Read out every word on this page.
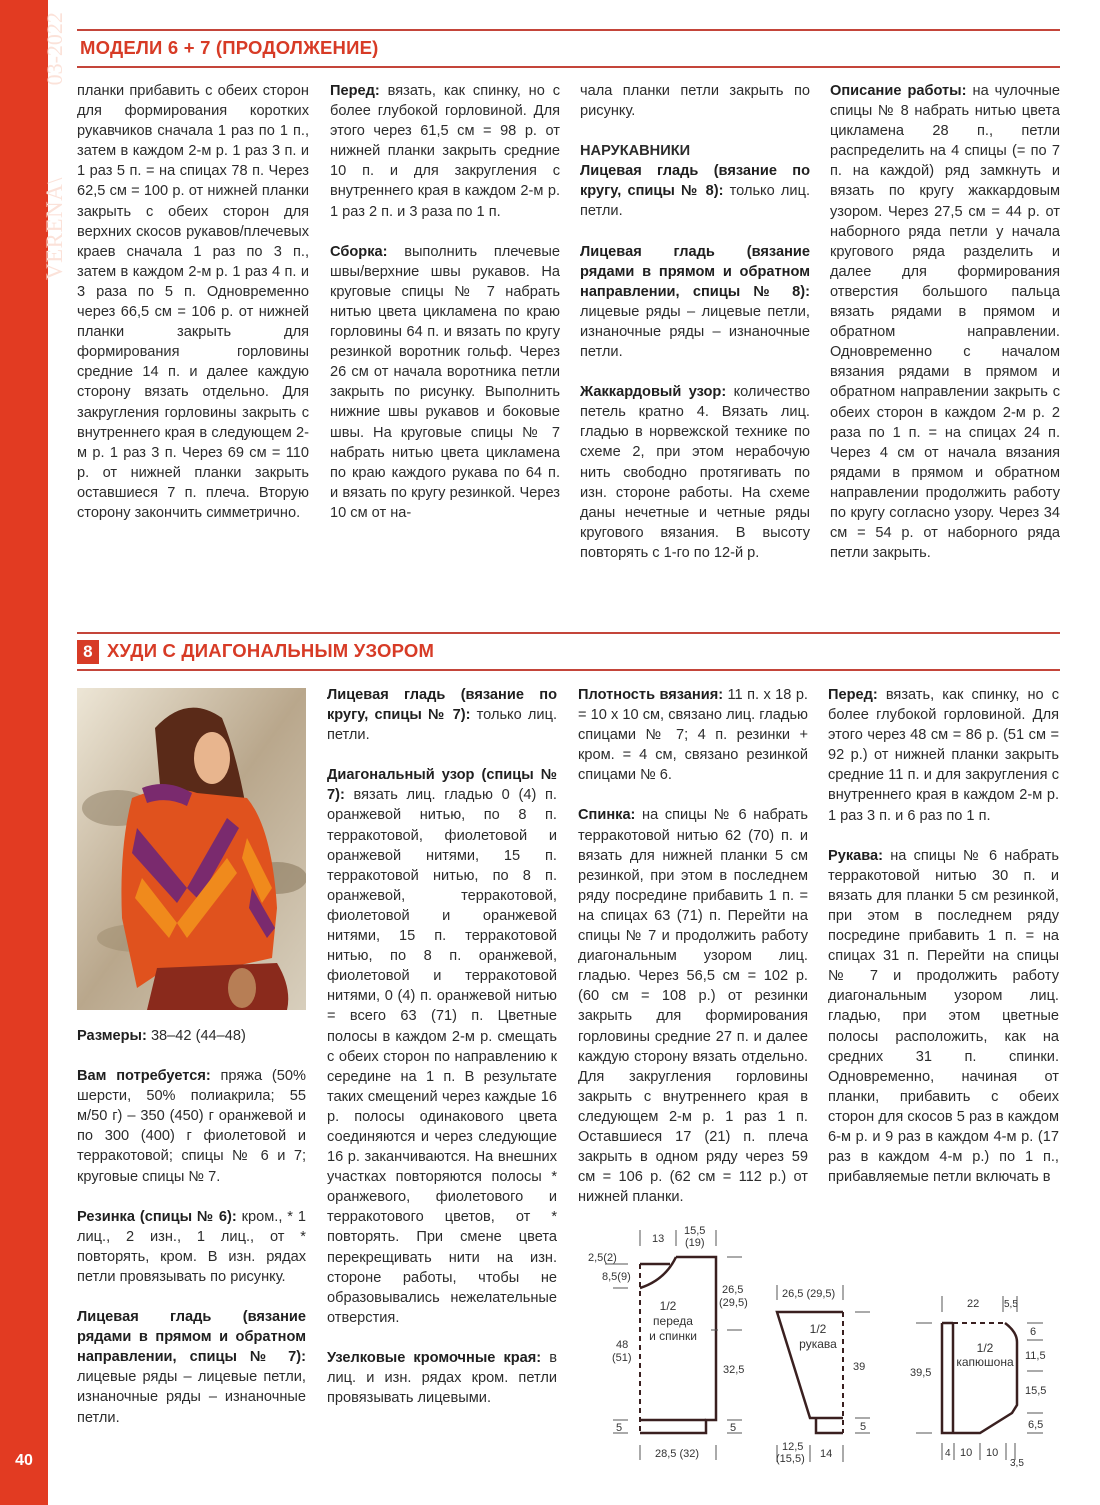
VERENA\SPECIAL 03-2022
40
МОДЕЛИ 6 + 7 (ПРОДОЛЖЕНИЕ)

планки прибавить с обеих сторон для формирования коротких рукавчиков сначала 1 раз по 1 п., затем в каждом 2-м р. 1 раз 3 п. и 1 раз 5 п. = на спицах 78 п. Через 62,5 см = 100 р. от нижней планки закрыть с обеих сторон для верхних скосов рукавов/плечевых краев сначала 1 раз по 3 п., затем в каждом 2-м р. 1 раз 4 п. и 3 раза по 5 п. Одновременно через 66,5 см = 106 р. от нижней планки закрыть для формирования горловины средние 14 п. и далее каждую сторону вязать отдельно. Для закругления горловины закрыть с внутреннего края в следующем 2-м р. 1 раз 3 п. Через 69 см = 110 р. от нижней планки закрыть оставшиеся 7 п. плеча. Вторую сторону закончить симметрично.

Перед: вязать, как спинку, но с более глубокой горловиной. Для этого через 61,5 см = 98 р. от нижней планки закрыть средние 10 п. и для закругления с внутреннего края в каждом 2-м р. 1 раз 2 п. и 3 раза по 1 п.

Сборка: выполнить плечевые швы/верхние швы рукавов. На круговые спицы № 7 набрать нитью цвета цикламена по краю горловины 64 п. и вязать по кругу резинкой воротник гольф. Через 26 см от начала воротника петли закрыть по рисунку. Выполнить нижние швы рукавов и боковые швы. На круговые спицы № 7 набрать нитью цвета цикламена по краю каждого рукава по 64 п. и вязать по кругу резинкой. Через 10 см от на-

чала планки петли закрыть по рисунку.

НАРУКАВНИКИ
Лицевая гладь (вязание по кругу, спицы № 8): только лиц. петли.

Лицевая гладь (вязание рядами в прямом и обратном направлении, спицы № 8): лицевые ряды – лицевые петли, изнаночные ряды – изнаночные петли.

Жаккардовый узор: количество петель кратно 4. Вязать лиц. гладью в норвежской технике по схеме 2, при этом нерабочую нить свободно протягивать по изн. стороне работы. На схеме даны нечетные и четные ряды кругового вязания. В высоту повторять с 1-го по 12-й р.

Описание работы: на чулочные спицы № 8 набрать нитью цвета цикламена 28 п., петли распределить на 4 спицы (= по 7 п. на каждой) ряд замкнуть и вязать по кругу жаккардовым узором. Через 27,5 см = 44 р. от наборного ряда петли у начала кругового ряда разделить и далее для формирования отверстия большого пальца вязать рядами в прямом и обратном направлении. Одновременно с началом вязания рядами в прямом и обратном направлении закрыть с обеих сторон в каждом 2-м р. 2 раза по 1 п. = на спицах 24 п. Через 4 см от начала вязания рядами в прямом и обратном направлении продолжить работу по кругу согласно узору. Через 34 см = 54 р. от наборного ряда петли закрыть.

8 ХУДИ С ДИАГОНАЛЬНЫМ УЗОРОМ

Размеры: 38–42 (44–48)

Вам потребуется: пряжа (50% шерсти, 50% полиакрила; 55 м/50 г) – 350 (450) г оранжевой и по 300 (400) г фиолетовой и терракотовой; спицы № 6 и 7; круговые спицы № 7.

Резинка (спицы № 6): кром., * 1 лиц., 2 изн., 1 лиц., от * повторять, кром. В изн. рядах петли провязывать по рисунку.

Лицевая гладь (вязание рядами в прямом и обратном направлении, спицы № 7): лицевые ряды – лицевые петли, изнаночные ряды – изнаночные петли.

Лицевая гладь (вязание по кругу, спицы № 7): только лиц. петли.

Диагональный узор (спицы № 7): вязать лиц. гладью 0 (4) п. оранжевой нитью, по 8 п. терракотовой, фиолетовой и оранжевой нитями, 15 п. терракотовой нитью, по 8 п. оранжевой, терракотовой, фиолетовой и оранжевой нитями, 15 п. терракотовой нитью, по 8 п. оранжевой, фиолетовой и терракотовой нитями, 0 (4) п. оранжевой нитью = всего 63 (71) п. Цветные полосы в каждом 2-м р. смещать с обеих сторон по направлению к середине на 1 п. В результате таких смещений через каждые 16 р. полосы одинакового цвета соединяются и через следующие 16 р. заканчиваются. На внешних участках повторяются полосы * оранжевого, фиолетового и терракотового цветов, от * повторять. При смене цвета перекрещивать нити на изн. стороне работы, чтобы не образовывались нежелательные отверстия.

Узелковые кромочные края: в лиц. и изн. рядах кром. петли провязывать лицевыми.

Плотность вязания: 11 п. х 18 р. = 10 х 10 см, связано лиц. гладью спицами № 7; 4 п. резинки + кром. = 4 см, связано резинкой спицами № 6.

Спинка: на спицы № 6 набрать терракотовой нитью 62 (70) п. и вязать для нижней планки 5 см резинкой, при этом в последнем ряду посредине прибавить 1 п. = на спицах 63 (71) п. Перейти на спицы № 7 и продолжить работу диагональным узором лиц. гладью. Через 56,5 см = 102 р. (60 см = 108 р.) от резинки закрыть для формирования горловины средние 27 п. и далее каждую сторону вязать отдельно. Для закругления горловины закрыть с внутреннего края в следующем 2-м р. 1 раз 1 п. Оставшиеся 17 (21) п. плеча закрыть в одном ряду через 59 см = 106 р. (62 см = 112 р.) от нижней планки.

Перед: вязать, как спинку, но с более глубокой горловиной. Для этого через 48 см = 86 р. (51 см = 92 р.) от нижней планки закрыть средние 11 п. и для закругления с внутреннего края в каждом 2-м р. 1 раз 3 п. и 6 раз по 1 п.

Рукава: на спицы № 6 набрать терракотовой нитью 30 п. и вязать для планки 5 см резинкой, при этом в последнем ряду посредине прибавить 1 п. = на спицах 31 п. Перейти на спицы № 7 и продолжить работу диагональным узором лиц. гладью, при этом цветные полосы расположить, как на средних 31 п. спинки. Одновременно, начиная от планки, прибавить с обеих сторон для скосов 5 раз в каждом 6-м р. и 9 раз в каждом 4-м р. (17 раз в каждом 4-м р.) по 1 п., прибавляемые петли включать в

13
15,5
(19)
2,5(2)
8,5(9)
48
(51)
26,5
(29,5)
32,5
5	5
28,5 (32)
1/2
переда
и спинки
26,5 (29,5)
39
5
12,5
(15,5) 14
1/2
рукава
22 5,5
39,5
6
11,5
15,5
6,5
4 10 10
3,5
1/2
капюшона
